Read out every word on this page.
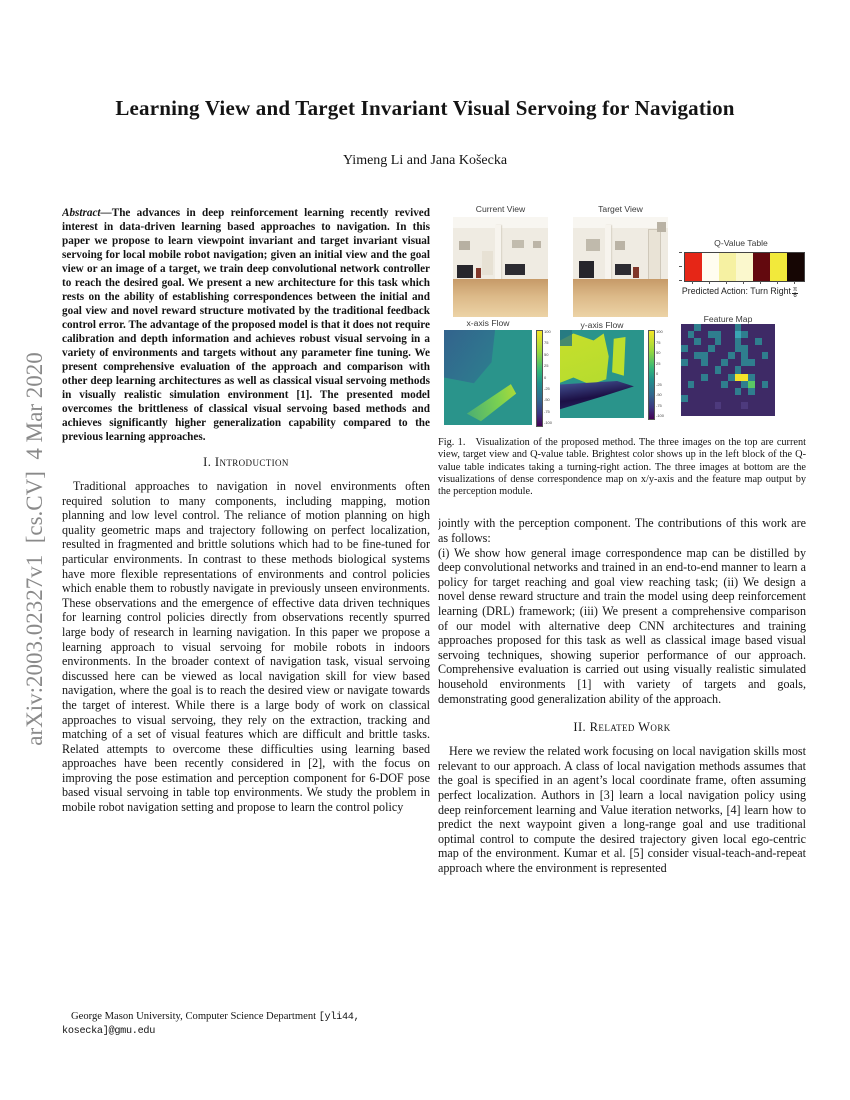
arXiv:2003.02327v1  [cs.CV]  4 Mar 2020
Learning View and Target Invariant Visual Servoing for Navigation
Yimeng Li and Jana Košecka
Abstract—The advances in deep reinforcement learning recently revived interest in data-driven learning based approaches to navigation. In this paper we propose to learn viewpoint invariant and target invariant visual servoing for local mobile robot navigation; given an initial view and the goal view or an image of a target, we train deep convolutional network controller to reach the desired goal. We present a new architecture for this task which rests on the ability of establishing correspondences between the initial and goal view and novel reward structure motivated by the traditional feedback control error. The advantage of the proposed model is that it does not require calibration and depth information and achieves robust visual servoing in a variety of environments and targets without any parameter fine tuning. We present comprehensive evaluation of the approach and comparison with other deep learning architectures as well as classical visual servoing methods in visually realistic simulation environment [1]. The presented model overcomes the brittleness of classical visual servoing based methods and achieves significantly higher generalization capability compared to the previous learning approaches.
I. Introduction

Traditional approaches to navigation in novel environments often required solution to many components, including mapping, motion planning and low level control. The reliance of motion planning on high quality geometric maps and trajectory following on perfect localization, resulted in fragmented and brittle solutions which had to be fine-tuned for particular environments. In contrast to these methods biological systems have more flexible representations of environments and control policies which enable them to robustly navigate in previously unseen environments. These observations and the emergence of effective data driven techniques for learning control policies directly from observations recently spurred large body of research in learning navigation. In this paper we propose a learning approach to visual servoing for mobile robots in indoors environments. In the broader context of navigation task, visual servoing discussed here can be viewed as local navigation skill for view based navigation, where the goal is to reach the desired view or navigate towards the target of interest. While there is a large body of work on classical approaches to visual servoing, they rely on the extraction, tracking and matching of a set of visual features which are difficult and brittle tasks. Related attempts to overcome these difficulties using learning based approaches have been recently considered in [2], with the focus on improving the pose estimation and perception component for 6-DOF pose based visual servoing in table top environments. We study the problem in mobile robot navigation setting and propose to learn the control policy

George Mason University, Computer Science Department [yli44, kosecka]@gmu.edu
Current View	Target View
Q-Value Table
Predicted Action: Turn Right $\frac{\pi}{6}$
x-axis Flow	y-axis Flow
Feature Map
100
75
50
25
0
-25
-50
-75
-100
100
75
50
25
0
-25
-50
-75
-100
Fig. 1. Visualization of the proposed method. The three images on the top are current view, target view and Q-value table. Brightest color shows up in the left block of the Q-value table indicates taking a turning-right action. The three images at bottom are the visualizations of dense correspondence map on x/y-axis and the feature map output by the perception module.

jointly with the perception component. The contributions of this work are as follows:

(i) We show how general image correspondence map can be distilled by deep convolutional networks and trained in an end-to-end manner to learn a policy for target reaching and goal view reaching task; (ii) We design a novel dense reward structure and train the model using deep reinforcement learning (DRL) framework; (iii) We present a comprehensive comparison of our model with alternative deep CNN architectures and training approaches proposed for this task as well as classical image based visual servoing techniques, showing superior performance of our approach. Comprehensive evaluation is carried out using visually realistic simulated household environments [1] with variety of targets and goals, demonstrating good generalization ability of the approach.

II. Related Work

Here we review the related work focusing on local navigation skills most relevant to our approach. A class of local navigation methods assumes that the goal is specified in an agent’s local coordinate frame, often assuming perfect localization. Authors in [3] learn a local navigation policy using deep reinforcement learning and Value iteration networks, [4] learn how to predict the next waypoint given a long-range goal and use traditional optimal control to compute the desired trajectory given local ego-centric map of the environment. Kumar et al. [5] consider visual-teach-and-repeat approach where the environment is represented
